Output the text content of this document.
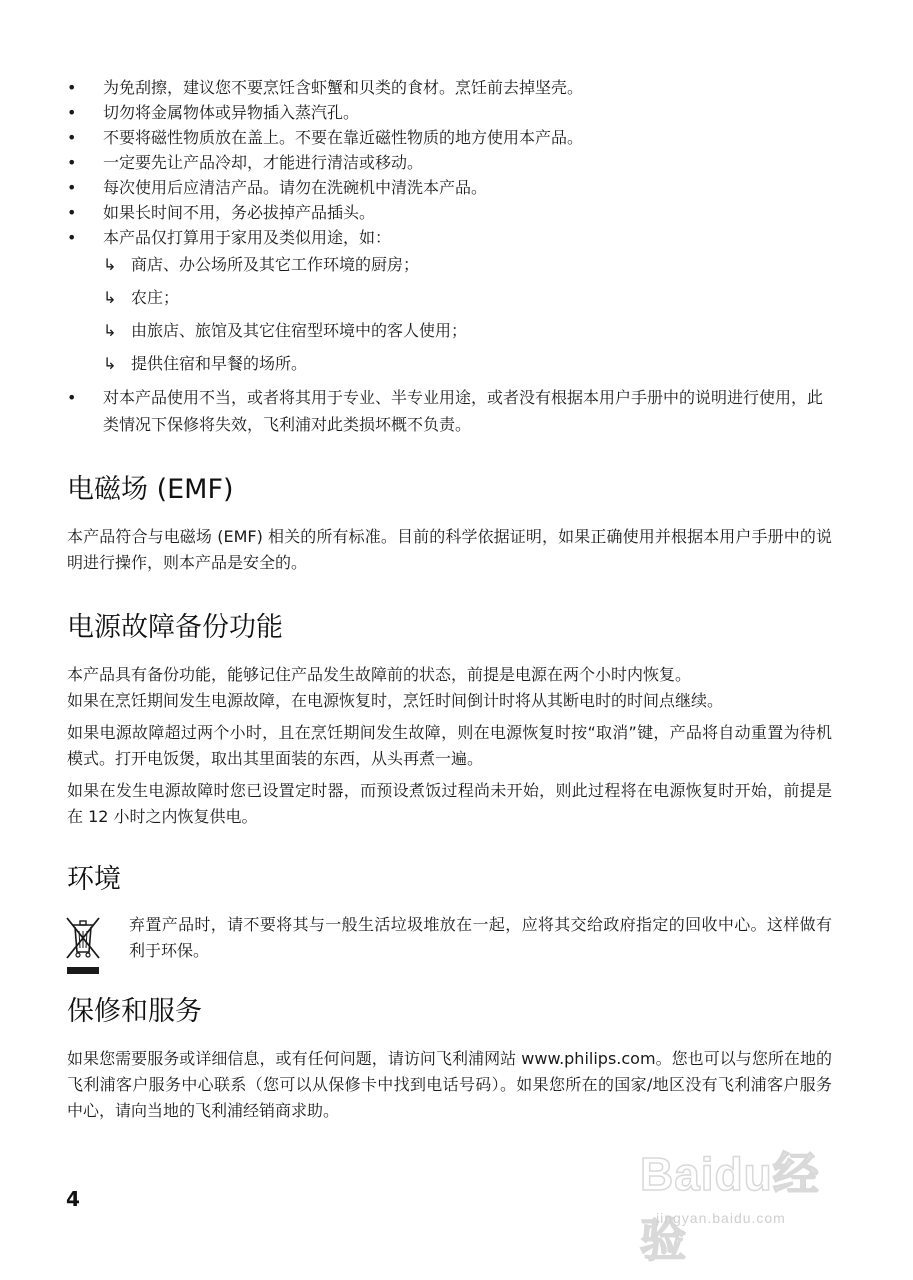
• 为免刮擦，建议您不要烹饪含虾蟹和贝类的食材。烹饪前去掉坚壳。
• 切勿将金属物体或异物插入蒸汽孔。
• 不要将磁性物质放在盖上。不要在靠近磁性物质的地方使用本产品。
• 一定要先让产品冷却，才能进行清洁或移动。
• 每次使用后应清洁产品。请勿在洗碗机中清洗本产品。
• 如果长时间不用，务必拔掉产品插头。
• 本产品仅打算用于家用及类似用途，如：
↳ 商店、办公场所及其它工作环境的厨房；
↳ 农庄；
↳ 由旅店、旅馆及其它住宿型环境中的客人使用；
↳ 提供住宿和早餐的场所。
• 对本产品使用不当，或者将其用于专业、半专业用途，或者没有根据本用户手册中的说明进行使用，此类情况下保修将失效，飞利浦对此类损坏概不负责。
电磁场 (EMF)

本产品符合与电磁场 (EMF) 相关的所有标准。目前的科学依据证明，如果正确使用并根据本用户手册中的说明进行操作，则本产品是安全的。

电源故障备份功能

本产品具有备份功能，能够记住产品发生故障前的状态，前提是电源在两个小时内恢复。

如果在烹饪期间发生电源故障，在电源恢复时，烹饪时间倒计时将从其断电时的时间点继续。

如果电源故障超过两个小时，且在烹饪期间发生故障，则在电源恢复时按“取消”键，产品将自动重置为待机模式。打开电饭煲，取出其里面装的东西，从头再煮一遍。

如果在发生电源故障时您已设置定时器，而预设煮饭过程尚未开始，则此过程将在电源恢复时开始，前提是在 12 小时之内恢复供电。

环境

弃置产品时，请不要将其与一般生活垃圾堆放在一起，应将其交给政府指定的回收中心。这样做有利于环保。

保修和服务

如果您需要服务或详细信息，或有任何问题，请访问飞利浦网站 www.philips.com。您也可以与您所在地的飞利浦客户服务中心联系（您可以从保修卡中找到电话号码）。如果您所在的国家/地区没有飞利浦客户服务中心，请向当地的飞利浦经销商求助。

4	Baidu经验
jingyan.baidu.com
